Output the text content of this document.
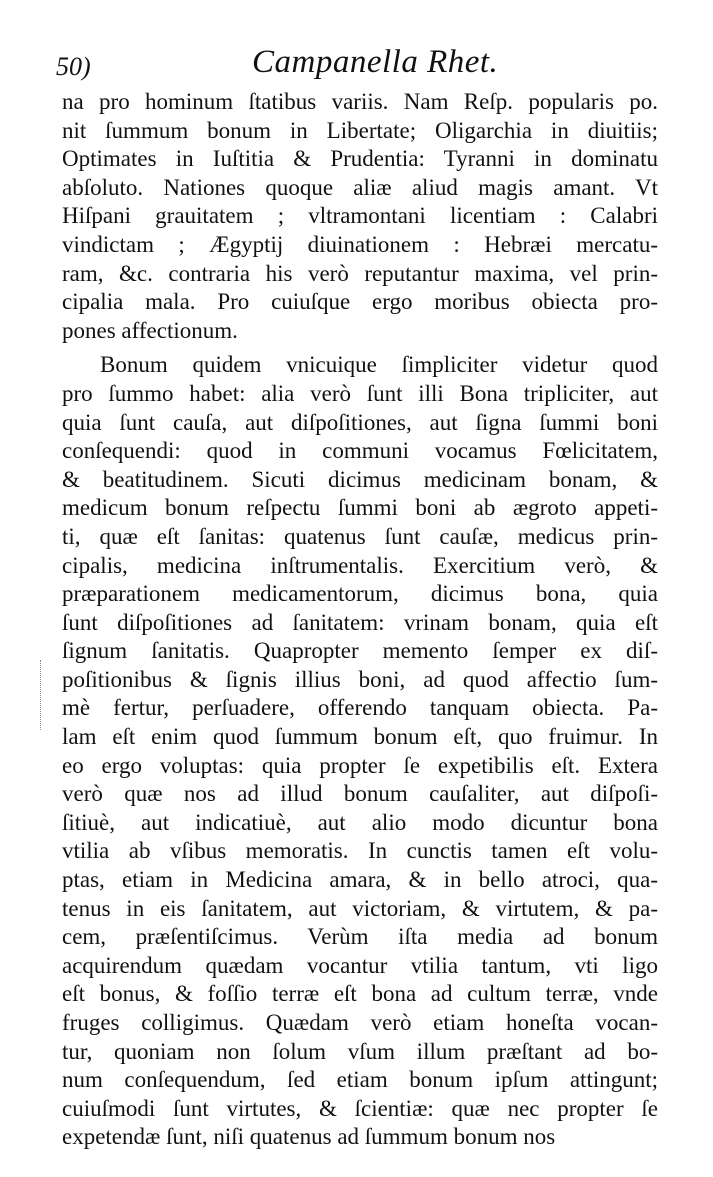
50)	Campanella Rhet.
na pro hominum ſtatibus variis. Nam Reſp. popularis po.
nit ſummum bonum in Libertate; Oligarchia in diuitiis;
Optimates in Iuſtitia & Prudentia: Tyranni in dominatu
abſoluto. Nationes quoque aliæ aliud magis amant. Vt
Hiſpani grauitatem ; vltramontani licentiam : Calabri
vindictam ; Ægyptij diuinationem : Hebræi mercatu-
ram, &c. contraria his verò reputantur maxima, vel prin-
cipalia mala. Pro cuiuſque ergo moribus obiecta pro-
pones affectionum.
Bonum quidem vnicuique ſimpliciter videtur quod
pro ſummo habet: alia verò ſunt illi Bona tripliciter, aut
quia ſunt cauſa, aut diſpoſitiones, aut ſigna ſummi boni
conſequendi: quod in communi vocamus Fœlicitatem,
& beatitudinem. Sicuti dicimus medicinam bonam, &
medicum bonum reſpectu ſummi boni ab ægroto appeti-
ti, quæ eſt ſanitas: quatenus ſunt cauſæ, medicus prin-
cipalis, medicina inſtrumentalis. Exercitium verò, &
præparationem medicamentorum, dicimus bona, quia
ſunt diſpoſitiones ad ſanitatem: vrinam bonam, quia eſt
ſignum ſanitatis. Quapropter memento ſemper ex diſ-
poſitionibus & ſignis illius boni, ad quod affectio ſum-
mè fertur, perſuadere, offerendo tanquam obiecta. Pa-
lam eſt enim quod ſummum bonum eſt, quo fruimur. In
eo ergo voluptas: quia propter ſe expetibilis eſt. Extera
verò quæ nos ad illud bonum cauſaliter, aut diſpoſi-
ſitiuè, aut indicatiuè, aut alio modo dicuntur bona
vtilia ab vſibus memoratis. In cunctis tamen eſt volu-
ptas, etiam in Medicina amara, & in bello atroci, qua-
tenus in eis ſanitatem, aut victoriam, & virtutem, & pa-
cem, præſentiſcimus. Verùm iſta media ad bonum
acquirendum quædam vocantur vtilia tantum, vti ligo
eſt bonus, & foſſio terræ eſt bona ad cultum terræ, vnde
fruges colligimus. Quædam verò etiam honeſta vocan-
tur, quoniam non ſolum vſum illum præſtant ad bo-
num conſequendum, ſed etiam bonum ipſum attingunt;
cuiuſmodi ſunt virtutes, & ſcientiæ: quæ nec propter ſe
expetendæ ſunt, niſi quatenus ad ſummum bonum nos
